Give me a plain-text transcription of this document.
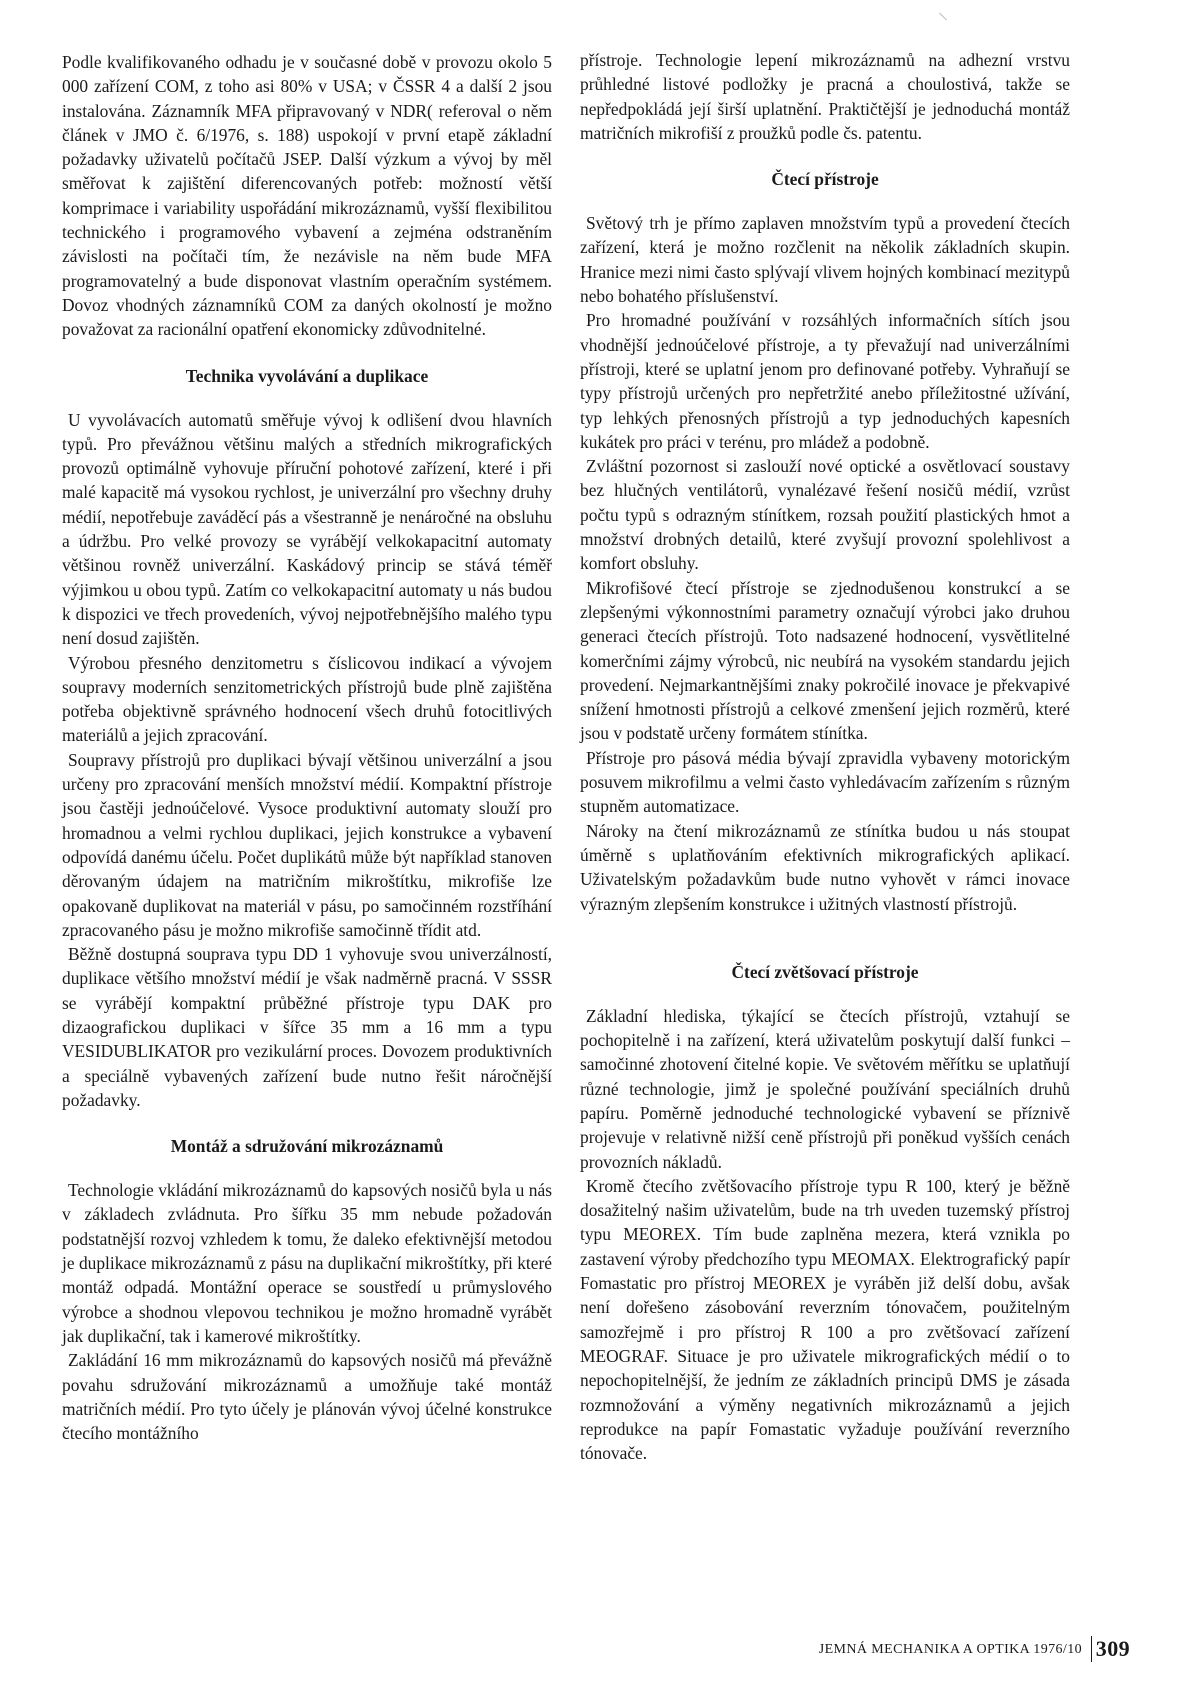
Podle kvalifikovaného odhadu je v současné době v provozu okolo 5 000 zařízení COM, z toho asi 80% v USA; v ČSSR 4 a další 2 jsou instalována. Záznamník MFA připravovaný v NDR( referoval o něm článek v JMO č. 6/1976, s. 188) uspokojí v první etapě základní požadavky uživatelů počítačů JSEP. Další výzkum a vývoj by měl směřovat k zajištění diferencovaných potřeb: možností větší komprimace i variability uspořádání mikrozáznamů, vyšší flexibilitou technického i programového vybavení a zejména odstraněním závislosti na počítači tím, že nezávisle na něm bude MFA programovatelný a bude disponovat vlastním operačním systémem. Dovoz vhodných záznamníků COM za daných okolností je možno považovat za racionální opatření ekonomicky zdůvodnitelné.

Technika vyvolávání a duplikace

U vyvolávacích automatů směřuje vývoj k odlišení dvou hlavních typů. Pro převážnou většinu malých a středních mikrografických provozů optimálně vyhovuje příruční pohotové zařízení, které i při malé kapacitě má vysokou rychlost, je univerzální pro všechny druhy médií, nepotřebuje zaváděcí pás a všestranně je nenáročné na obsluhu a údržbu. Pro velké provozy se vyrábějí velkokapacitní automaty většinou rovněž univerzální. Kaskádový princip se stává téměř výjimkou u obou typů. Zatím co velkokapacitní automaty u nás budou k dispozici ve třech provedeních, vývoj nejpotřebnějšího malého typu není dosud zajištěn.

Výrobou přesného denzitometru s číslicovou indikací a vývojem soupravy moderních senzitometrických přístrojů bude plně zajištěna potřeba objektivně správného hodnocení všech druhů fotocitlivých materiálů a jejich zpracování.

Soupravy přístrojů pro duplikaci bývají většinou univerzální a jsou určeny pro zpracování menších množství médií. Kompaktní přístroje jsou častěji jednoúčelové. Vysoce produktivní automaty slouží pro hromadnou a velmi rychlou duplikaci, jejich konstrukce a vybavení odpovídá danému účelu. Počet duplikátů může být například stanoven děrovaným údajem na matričním mikroštítku, mikrofiše lze opakovaně duplikovat na materiál v pásu, po samočinném rozstříhání zpracovaného pásu je možno mikrofiše samočinně třídit atd.

Běžně dostupná souprava typu DD 1 vyhovuje svou univerzálností, duplikace většího množství médií je však nadměrně pracná. V SSSR se vyrábějí kompaktní průběžné přístroje typu DAK pro dizaografickou duplikaci v šířce 35 mm a 16 mm a typu VESIDUBLIKATOR pro vezikulární proces. Dovozem produktivních a speciálně vybavených zařízení bude nutno řešit náročnější požadavky.

Montáž a sdružování mikrozáznamů

Technologie vkládání mikrozáznamů do kapsových nosičů byla u nás v základech zvládnuta. Pro šířku 35 mm nebude požadován podstatnější rozvoj vzhledem k tomu, že daleko efektivnější metodou je duplikace mikrozáznamů z pásu na duplikační mikroštítky, při které montáž odpadá. Montážní operace se soustředí u průmyslového výrobce a shodnou vlepovou technikou je možno hromadně vyrábět jak duplikační, tak i kamerové mikroštítky.

Zakládání 16 mm mikrozáznamů do kapsových nosičů má převážně povahu sdružování mikrozáznamů a umožňuje také montáž matričních médií. Pro tyto účely je plánován vývoj účelné konstrukce čtecího montážního

přístroje. Technologie lepení mikrozáznamů na adhezní vrstvu průhledné listové podložky je pracná a choulostivá, takže se nepředpokládá její širší uplatnění. Praktičtější je jednoduchá montáž matričních mikrofiší z proužků podle čs. patentu.

Čtecí přístroje

Světový trh je přímo zaplaven množstvím typů a provedení čtecích zařízení, která je možno rozčlenit na několik základních skupin. Hranice mezi nimi často splývají vlivem hojných kombinací mezitypů nebo bohatého příslušenství.

Pro hromadné používání v rozsáhlých informačních sítích jsou vhodnější jednoúčelové přístroje, a ty převažují nad univerzálními přístroji, které se uplatní jenom pro definované potřeby. Vyhraňují se typy přístrojů určených pro nepřetržité anebo příležitostné užívání, typ lehkých přenosných přístrojů a typ jednoduchých kapesních kukátek pro práci v terénu, pro mládež a podobně.

Zvláštní pozornost si zaslouží nové optické a osvětlovací soustavy bez hlučných ventilátorů, vynalézavé řešení nosičů médií, vzrůst počtu typů s odrazným stínítkem, rozsah použití plastických hmot a množství drobných detailů, které zvyšují provozní spolehlivost a komfort obsluhy.

Mikrofišové čtecí přístroje se zjednodušenou konstrukcí a se zlepšenými výkonnostními parametry označují výrobci jako druhou generaci čtecích přístrojů. Toto nadsazené hodnocení, vysvětlitelné komerčními zájmy výrobců, nic neubírá na vysokém standardu jejich provedení. Nejmarkantnějšími znaky pokročilé inovace je překvapivé snížení hmotnosti přístrojů a celkové zmenšení jejich rozměrů, které jsou v podstatě určeny formátem stínítka.

Přístroje pro pásová média bývají zpravidla vybaveny motorickým posuvem mikrofilmu a velmi často vyhledávacím zařízením s různým stupněm automatizace.

Nároky na čtení mikrozáznamů ze stínítka budou u nás stoupat úměrně s uplatňováním efektivních mikrografických aplikací. Uživatelským požadavkům bude nutno vyhovět v rámci inovace výrazným zlepšením konstrukce i užitných vlastností přístrojů.

Čtecí zvětšovací přístroje

Základní hlediska, týkající se čtecích přístrojů, vztahují se pochopitelně i na zařízení, která uživatelům poskytují další funkci – samočinné zhotovení čitelné kopie. Ve světovém měřítku se uplatňují různé technologie, jimž je společné používání speciálních druhů papíru. Poměrně jednoduché technologické vybavení se příznivě projevuje v relativně nižší ceně přístrojů při poněkud vyšších cenách provozních nákladů.

Kromě čtecího zvětšovacího přístroje typu R 100, který je běžně dosažitelný našim uživatelům, bude na trh uveden tuzemský přístroj typu MEOREX. Tím bude zaplněna mezera, která vznikla po zastavení výroby předchozího typu MEOMAX. Elektrografický papír Fomastatic pro přístroj MEOREX je vyráběn již delší dobu, avšak není dořešeno zásobování reverzním tónovačem, použitelným samozřejmě i pro přístroj R 100 a pro zvětšovací zařízení MEOGRAF. Situace je pro uživatele mikrografických médií o to nepochopitelnější, že jedním ze základních principů DMS je zásada rozmnožování a výměny negativních mikrozáznamů a jejich reprodukce na papír Fomastatic vyžaduje používání reverzního tónovače.

JEMNÁ MECHANIKA A OPTIKA 1976/10 309
